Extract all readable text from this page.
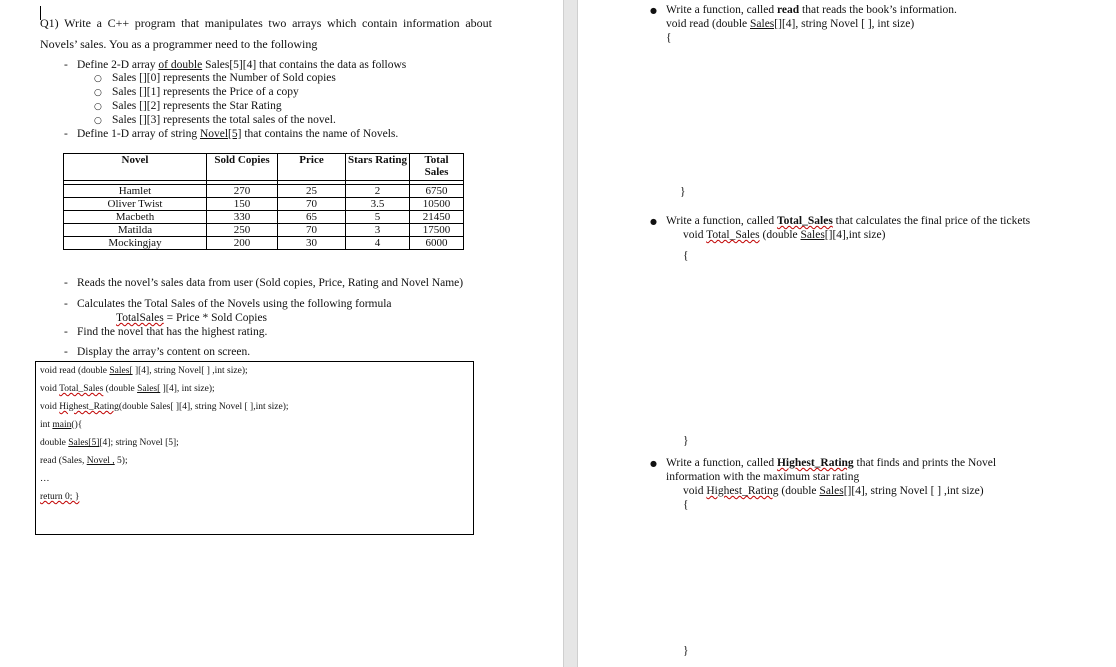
Q1) Write a C++ program that manipulates two arrays which contain information about
Novels’ sales. You as a programmer need to the following
- Define 2-D array of double Sales[5][4] that contains the data as follows
○ Sales [][0] represents the Number of Sold copies
○ Sales [][1] represents the Price of a copy
○ Sales [][2] represents the Star Rating
○ Sales [][3] represents the total sales of the novel.
- Define 1-D array of string Novel[5] that contains the name of Novels.
Novel	Sold Copies	Price	Stars Rating	Total Sales

Hamlet	270	25	2	6750
Oliver Twist	150	70	3.5	10500
Macbeth	330	65	5	21450
Matilda	250	70	3	17500
Mockingjay	200	30	4	6000
- Reads the novel’s sales data from user (Sold copies, Price, Rating and Novel Name)
- Calculates the Total Sales of the Novels using the following formula
TotalSales = Price * Sold Copies
- Find the novel that has the highest rating.
- Display the array’s content on screen.
void read (double Sales[ ][4], string Novel[ ] ,int size);
void Total_Sales (double Sales[ ][4], int size);
void Highest_Rating(double Sales[ ][4], string Novel [ ],int size);
int main(){
double Sales[5][4]; string Novel [5];
read (Sales, Novel , 5);
…
return 0; }
● Write a function, called read that reads the book’s information.
void read (double Sales[][4], string Novel [ ], int size)
{
}
● Write a function, called Total_Sales that calculates the final price of the tickets
void Total_Sales (double Sales[][4],int size)
{
}
● Write a function, called Highest_Rating that finds and prints the Novel
information with the maximum star rating
void Highest_Rating (double Sales[][4], string Novel [ ] ,int size)
{
}
